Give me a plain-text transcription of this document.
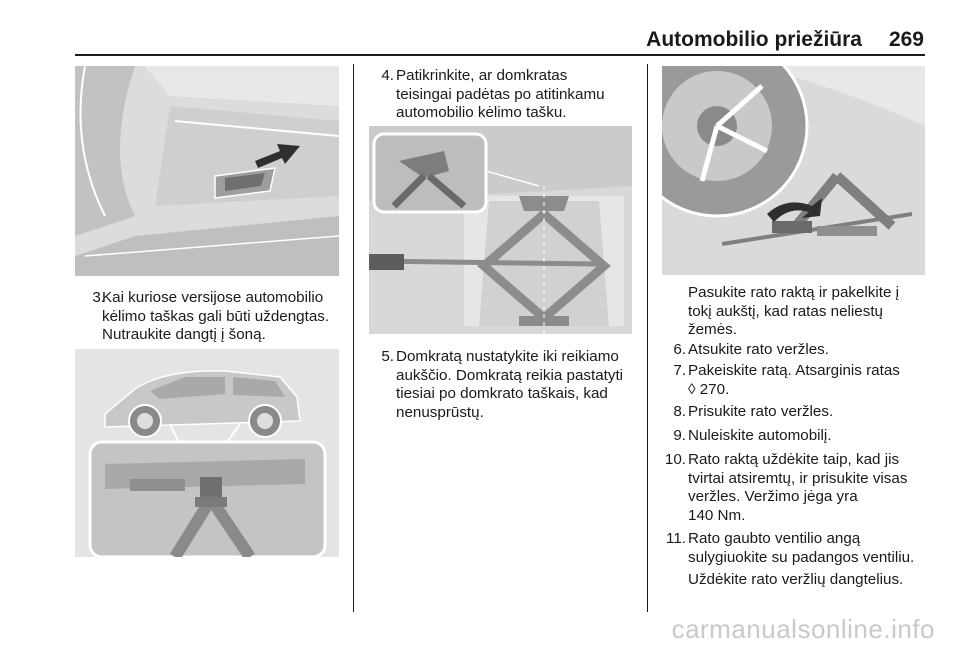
Automobilio priežiūra	269
3.
Kai kuriose versijose automobilio
kėlimo taškas gali būti uždengtas.
Nutraukite dangtį į šoną.
4. Patikrinkite, ar domkratas
teisingai padėtas po atitinkamu
automobilio kėlimo tašku.
5. Domkratą nustatykite iki reikiamo
aukščio. Domkratą reikia pastatyti
tiesiai po domkrato taškais, kad
nenusprūstų.
Pasukite rato raktą ir pakelkite į
tokį aukštį, kad ratas neliestų
žemės.
6. Atsukite rato veržles.
7. Pakeiskite ratą. Atsarginis ratas
◊ 270.
8. Prisukite rato veržles.
9. Nuleiskite automobilį.
10. Rato raktą uždėkite taip, kad jis
tvirtai atsiremtų, ir prisukite visas
veržles. Veržimo jėga yra
140 Nm.
11. Rato gaubto ventilio angą
sulygiuokite su padangos ventiliu.
Uždėkite rato veržlių dangtelius.
carmanualsonline.info
